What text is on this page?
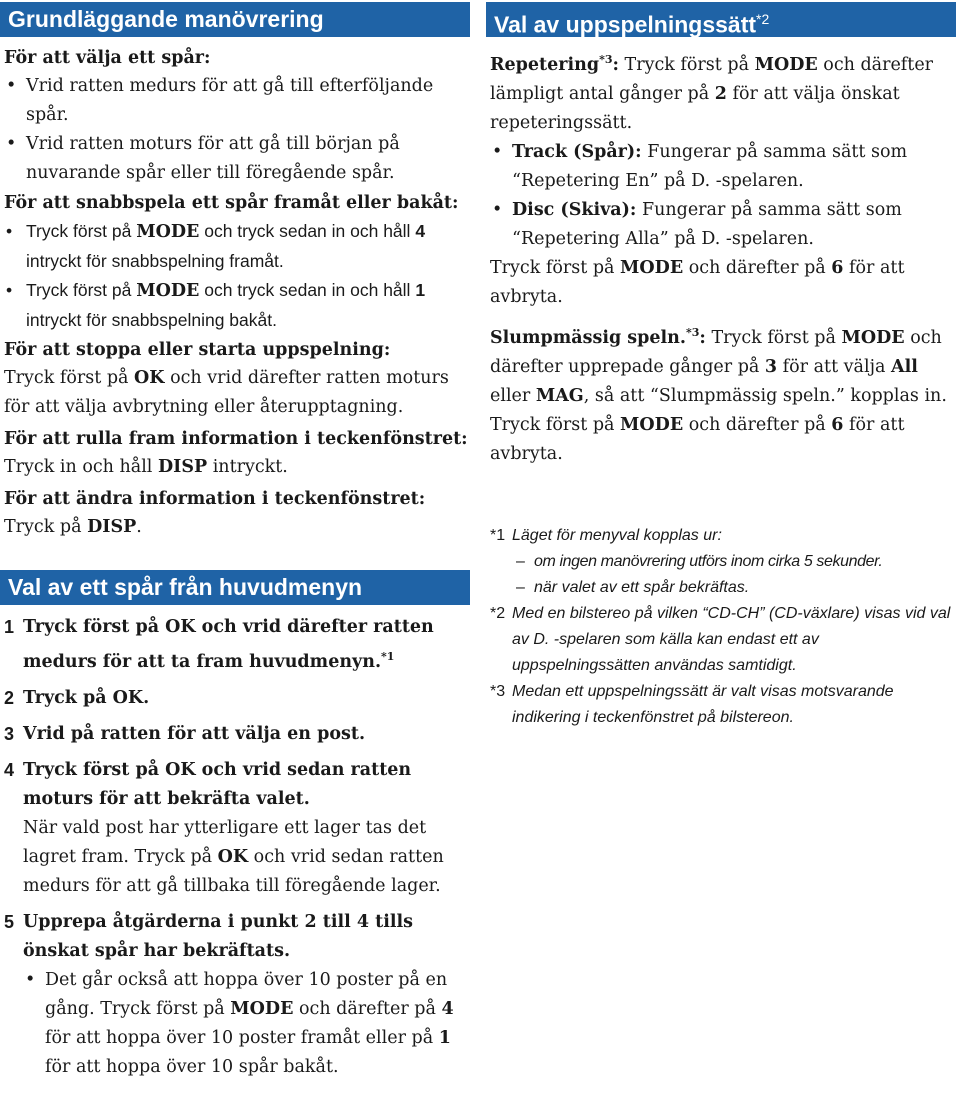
Grundläggande manövrering
För att välja ett spår:
• Vrid ratten medurs för att gå till efterföljande spår.
• Vrid ratten moturs för att gå till början på nuvarande spår eller till föregående spår.
För att snabbspela ett spår framåt eller bakåt:
• Tryck först på MODE och tryck sedan in och håll 4 intryckt för snabbspelning framåt.
• Tryck först på MODE och tryck sedan in och håll 1 intryckt för snabbspelning bakåt.
För att stoppa eller starta uppspelning:
Tryck först på OK och vrid därefter ratten moturs för att välja avbrytning eller återupptagning.
För att rulla fram information i teckenfönstret:
Tryck in och håll DISP intryckt.
För att ändra information i teckenfönstret:
Tryck på DISP.
Val av ett spår från huvudmenyn
1 Tryck först på OK och vrid därefter ratten medurs för att ta fram huvudmenyn.$^{*1}$
2 Tryck på OK.
3 Vrid på ratten för att välja en post.
4 Tryck först på OK och vrid sedan ratten moturs för att bekräfta valet.
När vald post har ytterligare ett lager tas det lagret fram. Tryck på OK och vrid sedan ratten medurs för att gå tillbaka till föregående lager.
5 Upprepa åtgärderna i punkt 2 till 4 tills önskat spår har bekräftats.
• Det går också att hoppa över 10 poster på en gång. Tryck först på MODE och därefter på 4 för att hoppa över 10 poster framåt eller på 1 för att hoppa över 10 spår bakåt.
Val av uppspelningssätt$^{*2}$
Repetering$^{*3}$: Tryck först på MODE och därefter lämpligt antal gånger på 2 för att välja önskat repeteringssätt.
• Track (Spår): Fungerar på samma sätt som “Repetering En” på D. -spelaren.
• Disc (Skiva): Fungerar på samma sätt som “Repetering Alla” på D. -spelaren.
Tryck först på MODE och därefter på 6 för att avbryta.
Slumpmässig speln.$^{*3}$: Tryck först på MODE och därefter upprepade gånger på 3 för att välja All eller MAG, så att “Slumpmässig speln.” kopplas in.
Tryck först på MODE och därefter på 6 för att avbryta.
*1 Läget för menyval kopplas ur:
– om ingen manövrering utförs inom cirka 5 sekunder.
– när valet av ett spår bekräftas.
*2 Med en bilstereo på vilken “CD-CH” (CD-växlare) visas vid val av D. -spelaren som källa kan endast ett av uppspelningssätten användas samtidigt.
*3 Medan ett uppspelningssätt är valt visas motsvarande indikering i teckenfönstret på bilstereon.
